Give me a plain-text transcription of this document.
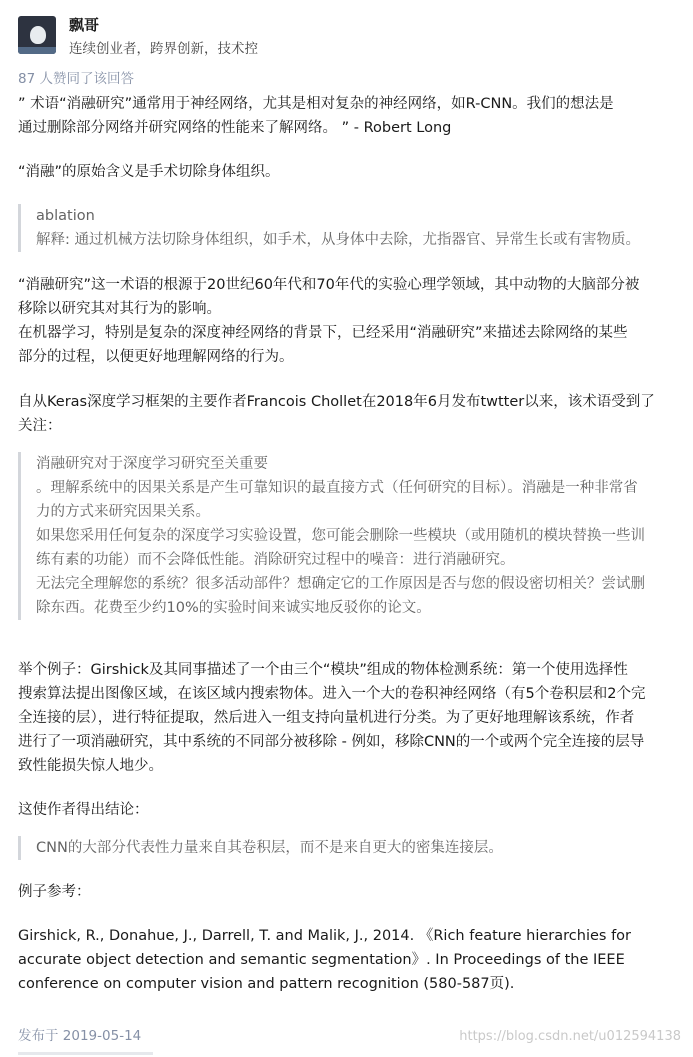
飘哥
连续创业者，跨界创新，技术控
87 人赞同了该回答

” 术语“消融研究”通常用于神经网络，尤其是相对复杂的神经网络，如R-CNN。我们的想法是
通过删除部分网络并研究网络的性能来了解网络。 ” - Robert Long

“消融”的原始含义是手术切除身体组织。

ablation
解释: 通过机械方法切除身体组织，如手术，从身体中去除，尤指器官、异常生长或有害物质。

“消融研究”这一术语的根源于20世纪60年代和70年代的实验心理学领域，其中动物的大脑部分被
移除以研究其对其行为的影响。
在机器学习，特别是复杂的深度神经网络的背景下，已经采用“消融研究”来描述去除网络的某些
部分的过程，以便更好地理解网络的行为。

自从Keras深度学习框架的主要作者Francois Chollet在2018年6月发布twtter以来，该术语受到了
关注：

消融研究对于深度学习研究至关重要
。理解系统中的因果关系是产生可靠知识的最直接方式（任何研究的目标）。消融是一种非常省
力的方式来研究因果关系。
如果您采用任何复杂的深度学习实验设置，您可能会删除一些模块（或用随机的模块替换一些训
练有素的功能）而不会降低性能。消除研究过程中的噪音：进行消融研究。
无法完全理解您的系统？很多活动部件？想确定它的工作原因是否与您的假设密切相关？尝试删
除东西。花费至少约10%的实验时间来诚实地反驳你的论文。

举个例子：Girshick及其同事描述了一个由三个“模块”组成的物体检测系统：第一个使用选择性
搜索算法提出图像区域，在该区域内搜索物体。进入一个大的卷积神经网络（有5个卷积层和2个完
全连接的层），进行特征提取，然后进入一组支持向量机进行分类。为了更好地理解该系统，作者
进行了一项消融研究，其中系统的不同部分被移除 - 例如，移除CNN的一个或两个完全连接的层导
致性能损失惊人地少。

这使作者得出结论：

CNN的大部分代表性力量来自其卷积层，而不是来自更大的密集连接层。

例子参考：

Girshick, R., Donahue, J., Darrell, T. and Malik, J., 2014. 《Rich feature hierarchies for
accurate object detection and semantic segmentation》. In Proceedings of the IEEE
conference on computer vision and pattern recognition (580-587页).

发布于 2019-05-14	https://blog.csdn.net/u012594138
